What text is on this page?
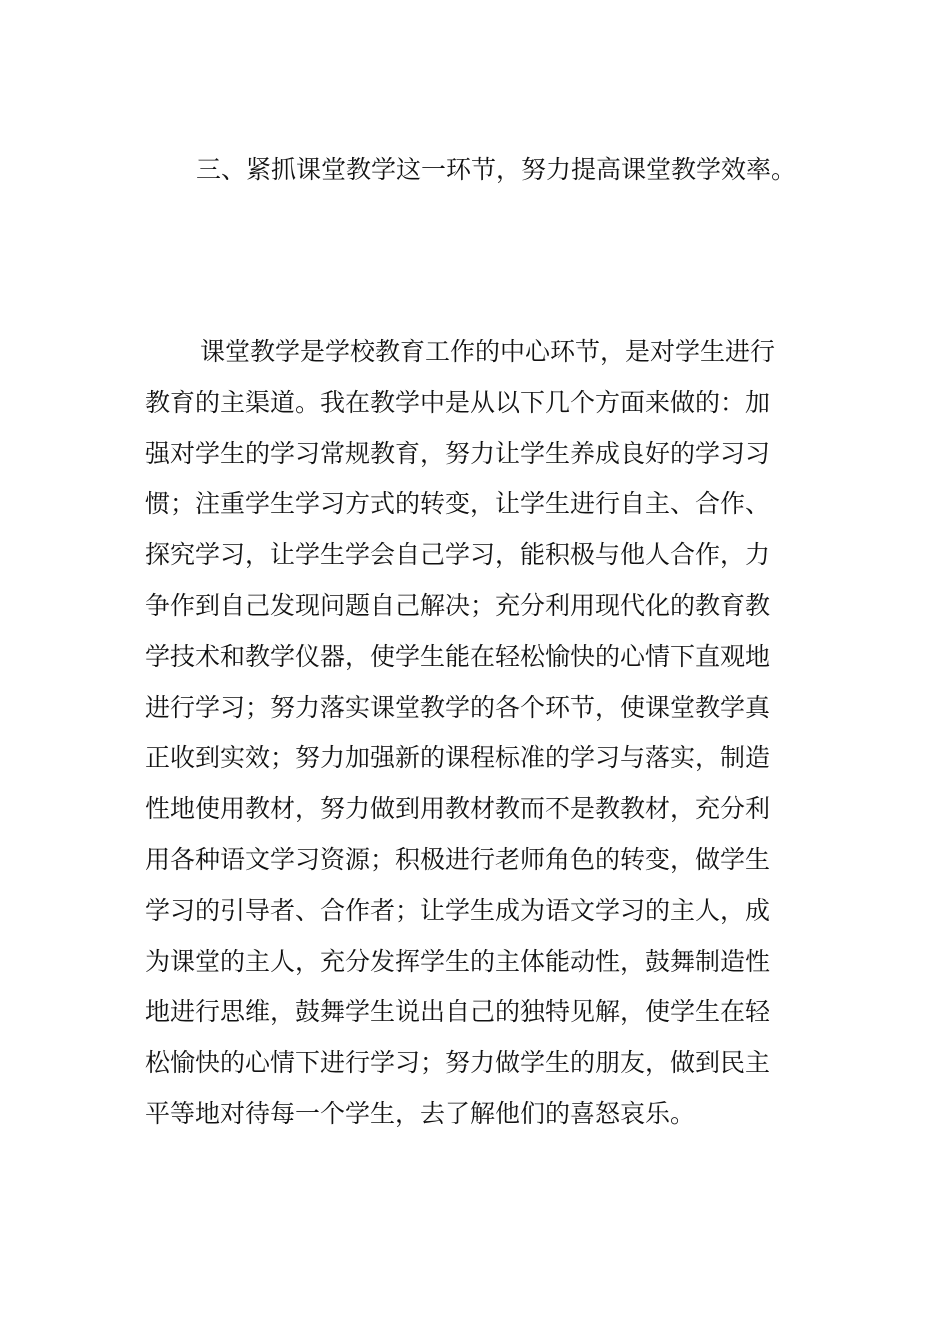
三、紧抓课堂教学这一环节，努力提高课堂教学效率。
课堂教学是学校教育工作的中心环节，是对学生进行
教育的主渠道。我在教学中是从以下几个方面来做的：加
强对学生的学习常规教育，努力让学生养成良好的学习习
惯；注重学生学习方式的转变，让学生进行自主、合作、
探究学习，让学生学会自己学习，能积极与他人合作，力
争作到自己发现问题自己解决；充分利用现代化的教育教
学技术和教学仪器，使学生能在轻松愉快的心情下直观地
进行学习；努力落实课堂教学的各个环节，使课堂教学真
正收到实效；努力加强新的课程标准的学习与落实，制造
性地使用教材，努力做到用教材教而不是教教材，充分利
用各种语文学习资源；积极进行老师角色的转变，做学生
学习的引导者、合作者；让学生成为语文学习的主人，成
为课堂的主人，充分发挥学生的主体能动性，鼓舞制造性
地进行思维，鼓舞学生说出自己的独特见解，使学生在轻
松愉快的心情下进行学习；努力做学生的朋友，做到民主
平等地对待每一个学生，去了解他们的喜怒哀乐。
